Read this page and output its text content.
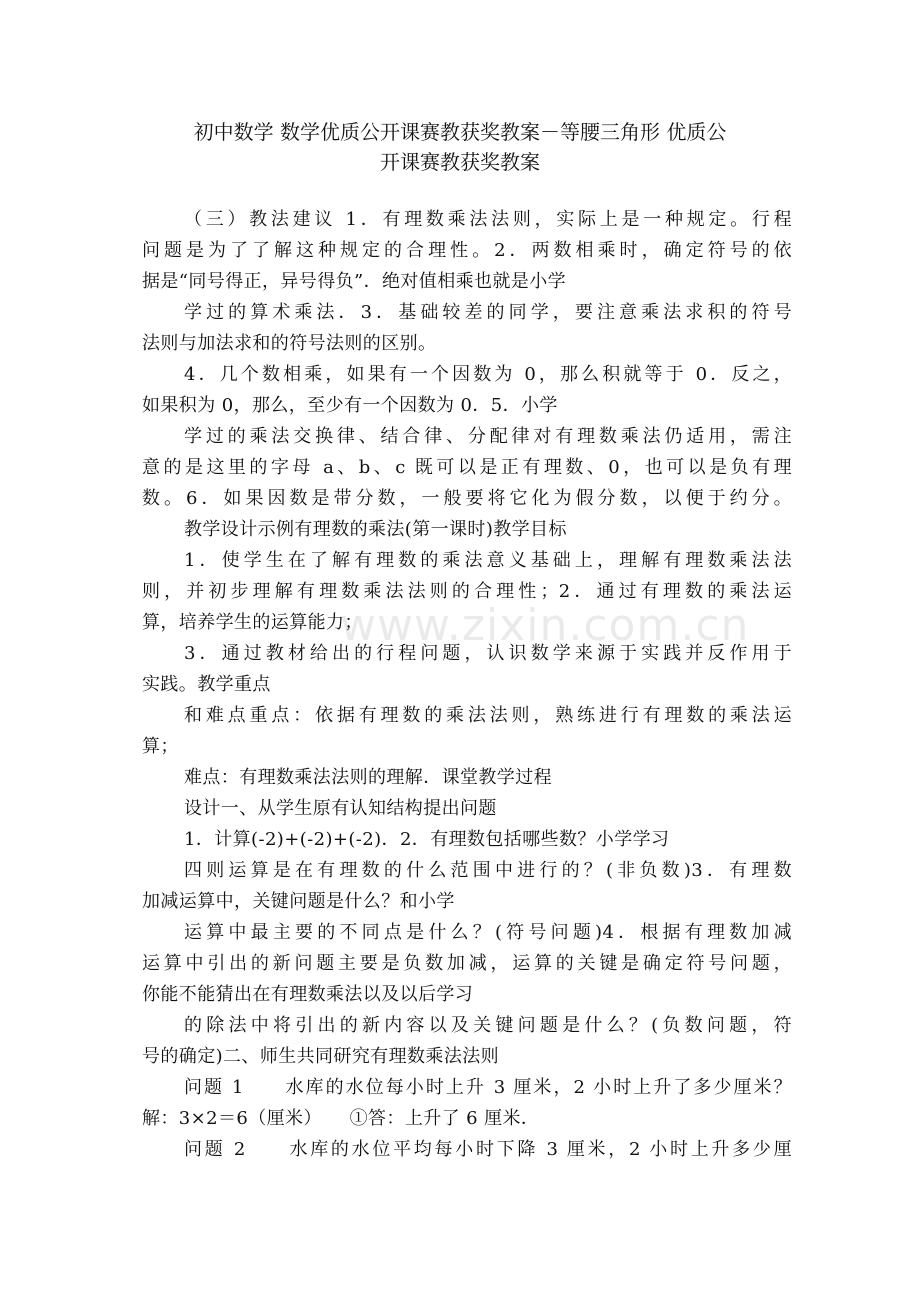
初中数学 数学优质公开课赛教获奖教案－等腰三角形 优质公
开课赛教获奖教案
www.zixin.com.cn
（三）教法建议 1．有理数乘法法则，实际上是一种规定。行程
问题是为了了解这种规定的合理性。2．两数相乘时，确定符号的依
据是“同号得正，异号得负”．绝对值相乘也就是小学
学过的算术乘法．3．基础较差的同学，要注意乘法求积的符号
法则与加法求和的符号法则的区别。
4．几个数相乘，如果有一个因数为 0，那么积就等于 0．反之，
如果积为 0，那么，至少有一个因数为 0．5．小学
学过的乘法交换律、结合律、分配律对有理数乘法仍适用，需注
意的是这里的字母 a、b、c 既可以是正有理数、0，也可以是负有理
数。6．如果因数是带分数，一般要将它化为假分数，以便于约分。
教学设计示例有理数的乘法(第一课时)教学目标
1．使学生在了解有理数的乘法意义基础上，理解有理数乘法法
则，并初步理解有理数乘法法则的合理性；2．通过有理数的乘法运
算，培养学生的运算能力；
3．通过教材给出的行程问题，认识数学来源于实践并反作用于
实践。教学重点
和难点重点：依据有理数的乘法法则，熟练进行有理数的乘法运
算；
难点：有理数乘法法则的理解．课堂教学过程
设计一、从学生原有认知结构提出问题
1．计算(-2)+(-2)+(-2)．2．有理数包括哪些数？小学学习
四则运算是在有理数的什么范围中进行的？(非负数)3．有理数
加减运算中，关键问题是什么？和小学
运算中最主要的不同点是什么？(符号问题)4．根据有理数加减
运算中引出的新问题主要是负数加减，运算的关键是确定符号问题，
你能不能猜出在有理数乘法以及以后学习
的除法中将引出的新内容以及关键问题是什么？(负数问题，符
号的确定)二、师生共同研究有理数乘法法则
问题 1　　水库的水位每小时上升 3 厘米，2 小时上升了多少厘米？
解：3×2＝6（厘米）　　①答：上升了 6 厘米．
问题 2　　水库的水位平均每小时下降 3 厘米，2 小时上升多少厘
